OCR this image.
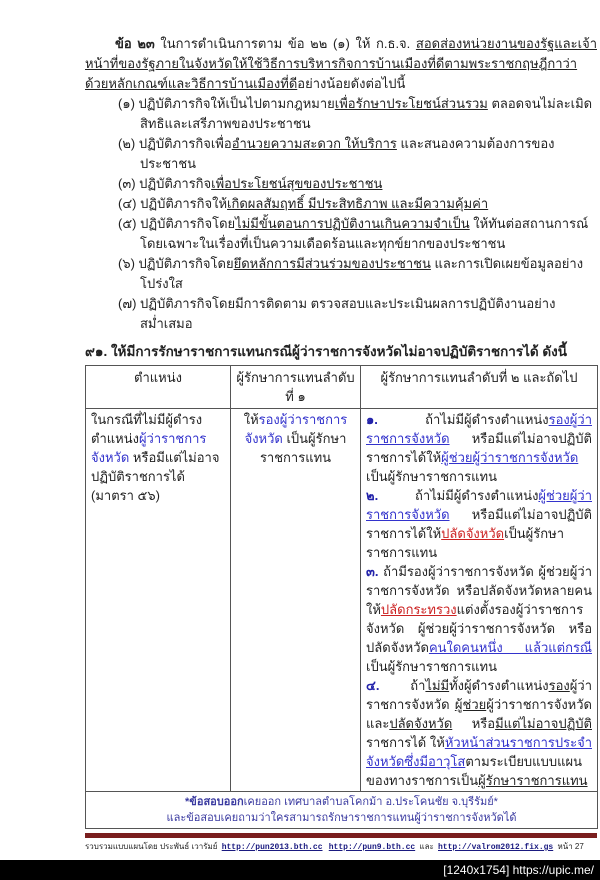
ข้อ ๒๓ ในการดำเนินการตาม ข้อ ๒๒ (๑) ให้ ก.ธ.จ. สอดส่องหน่วยงานของรัฐและเจ้าหน้าที่ของรัฐภายในจังหวัดให้ใช้วิธีการบริหารกิจการบ้านเมืองที่ดีตามพระราชกฤษฎีกาว่าด้วยหลักเกณฑ์และวิธีการบ้านเมืองที่ดีอย่างน้อยดังต่อไปนี้
(๑) ปฏิบัติภารกิจให้เป็นไปตามกฎหมายเพื่อรักษาประโยชน์ส่วนรวม ตลอดจนไม่ละเมิดสิทธิและเสรีภาพของประชาชน
(๒) ปฏิบัติภารกิจเพื่ออำนวยความสะดวก ให้บริการ และสนองความต้องการของประชาชน
(๓) ปฏิบัติภารกิจเพื่อประโยชน์สุขของประชาชน
(๔) ปฏิบัติภารกิจให้เกิดผลสัมฤทธิ์ มีประสิทธิภาพ และมีความคุ้มค่า
(๕) ปฏิบัติภารกิจโดยไม่มีขั้นตอนการปฏิบัติงานเกินความจำเป็น ให้ทันต่อสถานการณ์โดยเฉพาะในเรื่องที่เป็นความเดือดร้อนและทุกข์ยากของประชาชน
(๖) ปฏิบัติภารกิจโดยยึดหลักการมีส่วนร่วมของประชาชน และการเปิดเผยข้อมูลอย่างโปร่งใส
(๗) ปฏิบัติภารกิจโดยมีการติดตาม ตรวจสอบและประเมินผลการปฏิบัติงานอย่างสม่ำเสมอ
๙๑. ให้มีการรักษาราชการแทนกรณีผู้ว่าราชการจังหวัดไม่อาจปฏิบัติราชการได้ ดังนี้
ตำแหน่ง	ผู้รักษาการแทนลำดับที่ ๑	ผู้รักษาการแทนลำดับที่ ๒ และถัดไป
ในกรณีที่ไม่มีผู้ดำรงตำแหน่งผู้ว่าราชการจังหวัด หรือมีแต่ไม่อาจปฏิบัติราชการได้
(มาตรา ๕๖)	ให้รองผู้ว่าราชการจังหวัด เป็นผู้รักษาราชการแทน	๑. ถ้าไม่มีผู้ดำรงตำแหน่งรองผู้ว่าราชการจังหวัด หรือมีแต่ไม่อาจปฏิบัติราชการได้ให้ผู้ช่วยผู้ว่าราชการจังหวัดเป็นผู้รักษาราชการแทน
๒. ถ้าไม่มีผู้ดำรงตำแหน่งผู้ช่วยผู้ว่าราชการจังหวัด หรือมีแต่ไม่อาจปฏิบัติราชการได้ให้ปลัดจังหวัดเป็นผู้รักษาราชการแทน
๓. ถ้ามีรองผู้ว่าราชการจังหวัด ผู้ช่วยผู้ว่าราชการจังหวัด หรือปลัดจังหวัดหลายคน ให้ปลัดกระทรวงแต่งตั้งรองผู้ว่าราชการจังหวัด ผู้ช่วยผู้ว่าราชการจังหวัด หรือปลัดจังหวัดคนใดคนหนึ่ง แล้วแต่กรณี เป็นผู้รักษาราชการแทน
๔. ถ้าไม่มีทั้งผู้ดำรงตำแหน่งรองผู้ว่าราชการจังหวัด ผู้ช่วยผู้ว่าราชการจังหวัด และปลัดจังหวัด หรือมีแต่ไม่อาจปฏิบัติราชการได้ ให้หัวหน้าส่วนราชการประจำจังหวัดซึ่งมีอาวุโสตามระเบียบแบบแผนของทางราชการเป็นผู้รักษาราชการแทน

*ข้อสอบออกเคยออก เทศบาลตำบลโคกม้า อ.ประโคนชัย จ.บุรีรัมย์*
และข้อสอบเคยถามว่าใครสามารถรักษาราชการแทนผู้ว่าราชการจังหวัดได้		
รวบรวมแบบแผนโดย ประพันธ์ เวารัมย์ http://pun2013.bth.cc http://pun9.bth.cc และ http://valrom2012.fix.gs หน้า 27
[1240x1754] https://upic.me/
